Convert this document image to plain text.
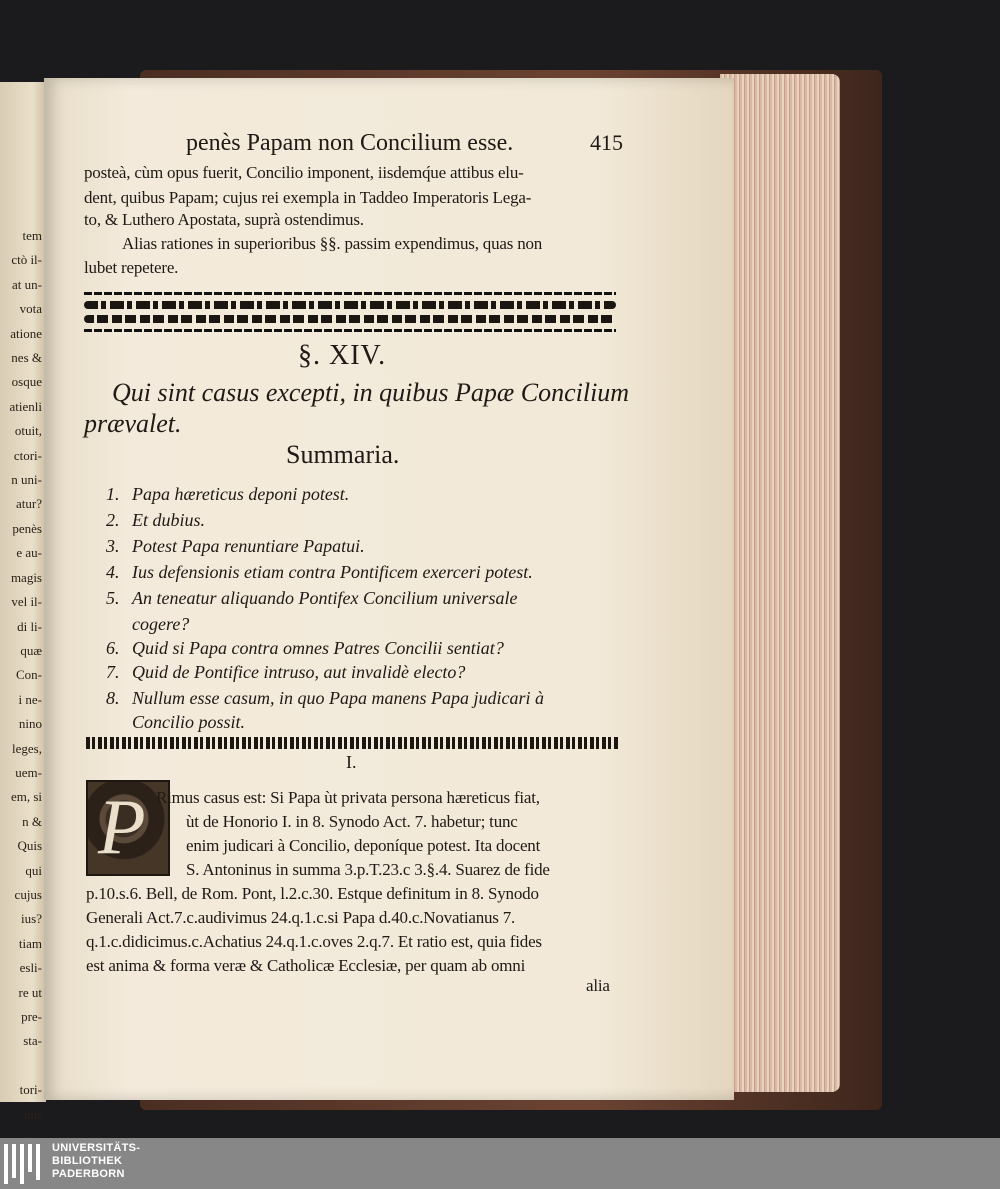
tem
ctò il-
at un-
vota
atione
nes &
osque
atienli
otuit,
ctori-
n uni-
atur?
penès
e au-
magis
vel il-
di li-
quæ
Con-
i ne-
nino
leges,
uem-
em, si
n &
Quis
qui
cujus
ius?
tiam
esli-
re ut
pre-
sta-

tori-
nùs
penès Papam non Concilium esse.	415
posteà, cùm opus fuerit, Concilio imponent, iisdemq́ue attibus elu-
dent, quibus Papam; cujus rei exempla in Taddeo Imperatoris Lega-
to, & Luthero Apostata, suprà ostendimus.
Alias rationes in superioribus §§. passim expendimus, quas non
lubet repetere.
§. XIV.
Qui sint casus excepti, in quibus Papæ Concilium
prævalet.
Summaria.
1. Papa hæreticus deponi potest.
2. Et dubius.
3. Potest Papa renuntiare Papatui.
4. Ius defensionis etiam contra Pontificem exerceri potest.
5. An teneatur aliquando Pontifex Concilium universale
cogere?
6. Quid si Papa contra omnes Patres Concilii sentiat?
7. Quid de Pontifice intruso, aut invalidè electo?
8. Nullum esse casum, in quo Papa manens Papa judicari à
Concilio possit.
I.
P Rimus casus est: Si Papa ùt privata persona hæreticus fiat,
ùt de Honorio I. in 8. Synodo Act. 7. habetur; tunc
enim judicari à Concilio, deponíque potest. Ita docent
S. Antoninus in summa 3.p.T.23.c 3.§.4. Suarez de fide
p.10.s.6. Bell, de Rom. Pont, l.2.c.30. Estque definitum in 8. Synodo
Generali Act.7.c.audivimus 24.q.1.c.si Papa d.40.c.Novatianus 7.
q.1.c.didicimus.c.Achatius 24.q.1.c.oves 2.q.7. Et ratio est, quia fides
est anima & forma veræ & Catholicæ Ecclesiæ, per quam ab omni
alia
UNIVERSITÄTS-
BIBLIOTHEK
PADERBORN
